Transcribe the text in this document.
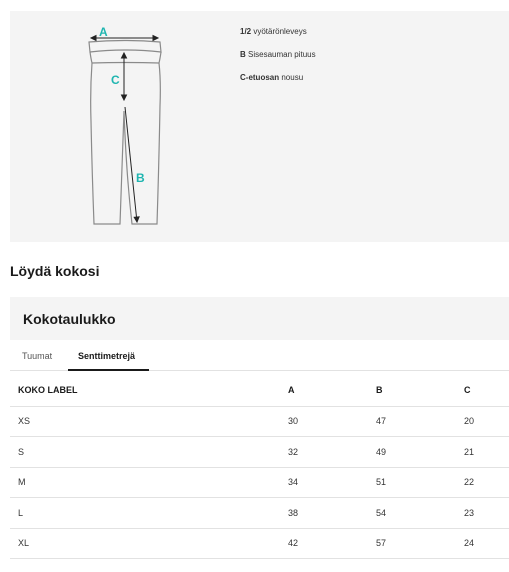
A
C
B
1/2 vyötärönleveys
B Sisesauman pituus
C-etuosan nousu
Löydä kokosi
Kokotaulukko
Tuumat	Senttimetrejä
KOKO LABEL	A	B	C
XS	30	47	20
S	32	49	21
M	34	51	22
L	38	54	23
XL	42	57	24
